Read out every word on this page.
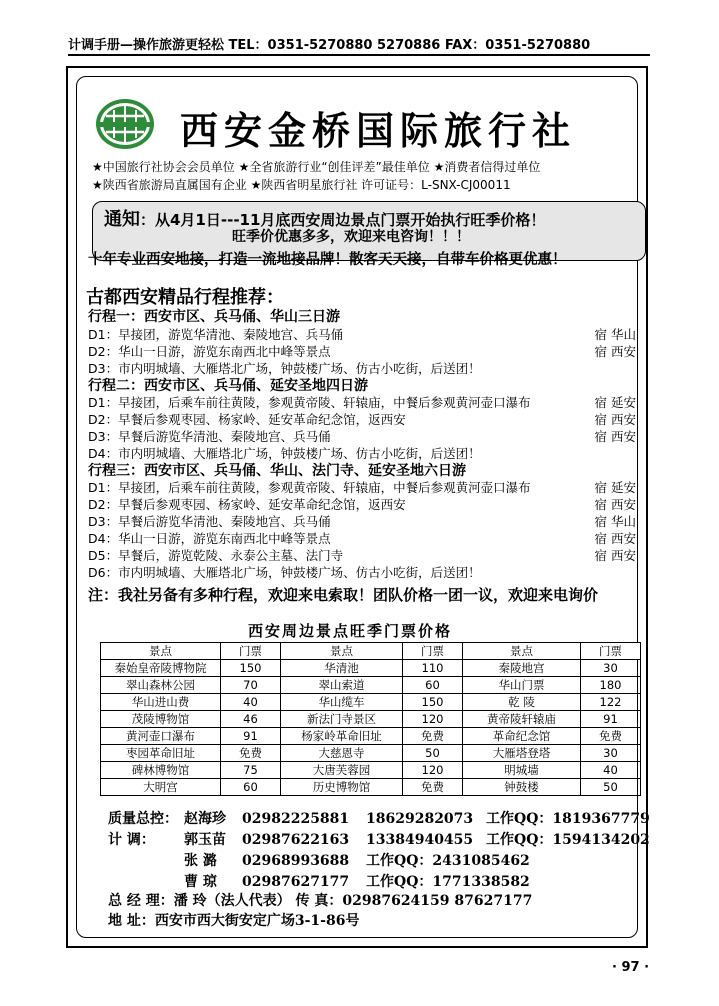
计调手册—操作旅游更轻松 TEL：0351-5270880 5270886 FAX：0351-5270880
西安金桥国际旅行社
★中国旅行社协会会员单位 ★全省旅游行业“创佳评差”最佳单位 ★消费者信得过单位
★陕西省旅游局直属国有企业 ★陕西省明星旅行社 许可证号：L-SNX-CJ00011
通知：从4月1日---11月底西安周边景点门票开始执行旺季价格！
旺季价优惠多多，欢迎来电咨询！！！
十年专业西安地接，打造一流地接品牌！散客天天接，自带车价格更优惠！
古都西安精品行程推荐：
行程一：西安市区、兵马俑、华山三日游
D1：早接团，游览华清池、秦陵地宫、兵马俑	宿 华山
D2：华山一日游，游览东南西北中峰等景点	宿 西安
D3：市内明城墙、大雁塔北广场，钟鼓楼广场、仿古小吃街，后送团！
行程二：西安市区、兵马俑、延安圣地四日游
D1：早接团，后乘车前往黄陵，参观黄帝陵、轩辕庙，中餐后参观黄河壶口瀑布	宿 延安
D2：早餐后参观枣园、杨家岭、延安革命纪念馆，返西安	宿 西安
D3：早餐后游览华清池、秦陵地宫、兵马俑	宿 西安
D4：市内明城墙、大雁塔北广场，钟鼓楼广场、仿古小吃街，后送团！
行程三：西安市区、兵马俑、华山、法门寺、延安圣地六日游
D1：早接团，后乘车前往黄陵，参观黄帝陵、轩辕庙，中餐后参观黄河壶口瀑布	宿 延安
D2：早餐后参观枣园、杨家岭、延安革命纪念馆，返西安	宿 西安
D3：早餐后游览华清池、秦陵地宫、兵马俑	宿 华山
D4：华山一日游，游览东南西北中峰等景点	宿 西安
D5：早餐后，游览乾陵、永泰公主墓、法门寺	宿 西安
D6：市内明城墙、大雁塔北广场，钟鼓楼广场、仿古小吃街，后送团！
注：我社另备有多种行程，欢迎来电索取！团队价格一团一议，欢迎来电询价
西安周边景点旺季门票价格
景点	门票	景点	门票	景点	门票
秦始皇帝陵博物院	150	华清池	110	秦陵地宫	30
翠山森林公园	70	翠山索道	60	华山门票	180
华山进山费	40	华山缆车	150	乾 陵	122
茂陵博物馆	46	新法门寺景区	120	黄帝陵轩辕庙	91
黄河壶口瀑布	91	杨家岭革命旧址	免费	革命纪念馆	免费
枣园革命旧址	免费	大慈恩寺	50	大雁塔登塔	30
碑林博物馆	75	大唐芙蓉园	120	明城墙	40
大明宫	60	历史博物馆	免费	钟鼓楼	50
质量总控： 赵海珍 02982225881 18629282073 工作QQ：1819367779
计 调： 郭玉苗 02987622163 13384940455 工作QQ：1594134202
张 潞 02968993688 工作QQ：2431085462
曹 琼 02987627177 工作QQ：1771338582
总 经 理：潘 玲（法人代表） 传 真：02987624159 87627177
地 址：西安市西大街安定广场3-1-86号
· 97 ·
